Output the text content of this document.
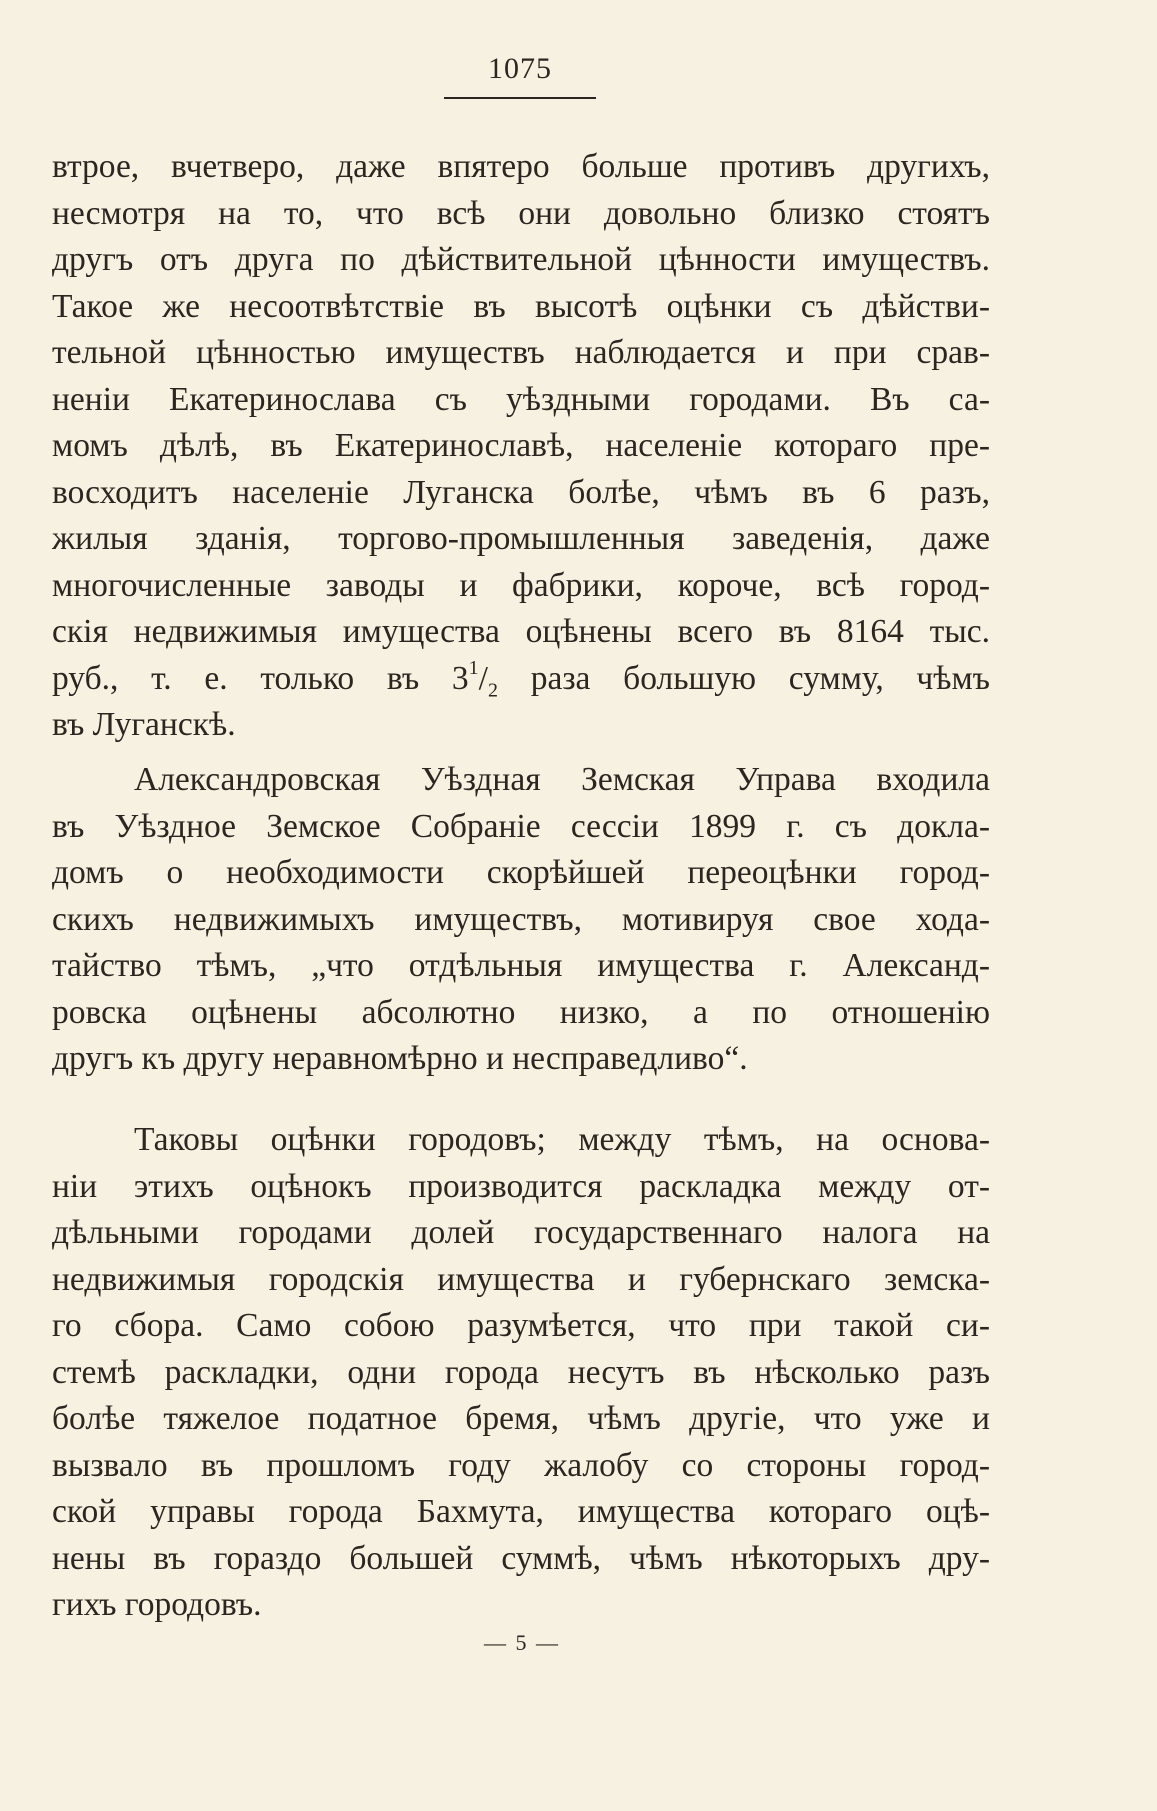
1075
втрое, вчетверо, даже впятеро больше противъ другихъ,
несмотря на то, что всѣ они довольно близко стоятъ
другъ отъ друга по дѣйствительной цѣнности имуществъ.
Такое же несоотвѣтствіе въ высотѣ оцѣнки съ дѣйстви-
тельной цѣнностью имуществъ наблюдается и при срав-
неніи Екатеринослава съ уѣздными городами. Въ са-
момъ дѣлѣ, въ Екатеринославѣ, населеніе котораго пре-
восходитъ населеніе Луганска болѣе, чѣмъ въ 6 разъ,
жилыя зданія, торгово-промышленныя заведенія, даже
многочисленные заводы и фабрики, короче, всѣ город-
скія недвижимыя имущества оцѣнены всего въ 8164 тыс.
руб., т. е. только въ $3^1/_2$ раза большую сумму, чѣмъ
въ Луганскѣ.
Александровская Уѣздная Земская Управа входила
въ Уѣздное Земское Собраніе сессіи 1899 г. съ докла-
домъ о необходимости скорѣйшей переоцѣнки город-
скихъ недвижимыхъ имуществъ, мотивируя свое хода-
тайство тѣмъ, „что отдѣльныя имущества г. Александ-
ровска оцѣнены абсолютно низко, а по отношенію
другъ къ другу неравномѣрно и несправедливо“.
Таковы оцѣнки городовъ; между тѣмъ, на основа-
ніи этихъ оцѣнокъ производится раскладка между от-
дѣльными городами долей государственнаго налога на
недвижимыя городскія имущества и губернскаго земска-
го сбора. Само собою разумѣется, что при такой си-
стемѣ раскладки, одни города несутъ въ нѣсколько разъ
болѣе тяжелое податное бремя, чѣмъ другіе, что уже и
вызвало въ прошломъ году жалобу со стороны город-
ской управы города Бахмута, имущества котораго оцѣ-
нены въ гораздо большей суммѣ, чѣмъ нѣкоторыхъ дру-
гихъ городовъ.
— 5 —
